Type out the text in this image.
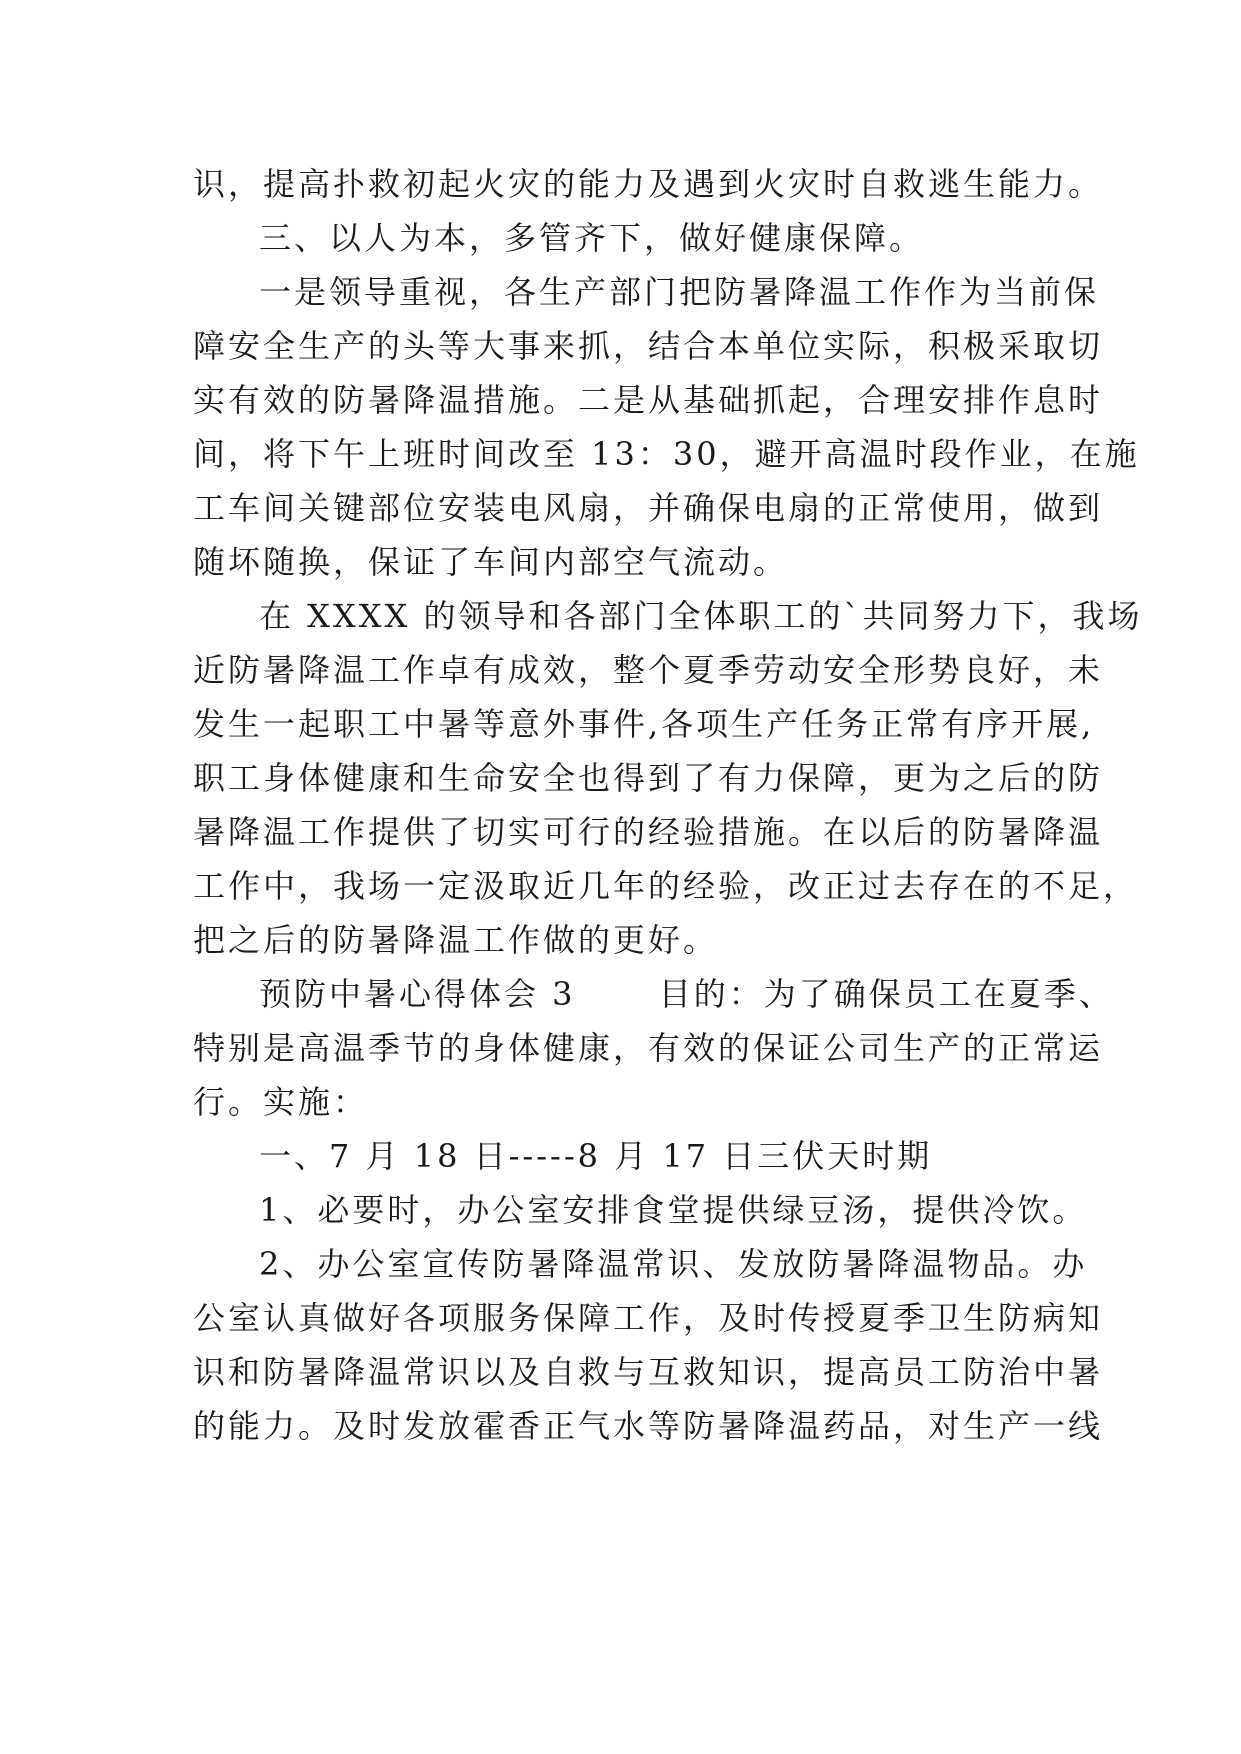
识，提高扑救初起火灾的能力及遇到火灾时自救逃生能力。
三、以人为本，多管齐下，做好健康保障。
一是领导重视，各生产部门把防暑降温工作作为当前保
障安全生产的头等大事来抓，结合本单位实际，积极采取切
实有效的防暑降温措施。二是从基础抓起，合理安排作息时
间，将下午上班时间改至 13：30，避开高温时段作业，在施
工车间关键部位安装电风扇，并确保电扇的正常使用，做到
随坏随换，保证了车间内部空气流动。
在 XXXX 的领导和各部门全体职工的`共同努力下，我场
近防暑降温工作卓有成效，整个夏季劳动安全形势良好，未
发生一起职工中暑等意外事件,各项生产任务正常有序开展,
职工身体健康和生命安全也得到了有力保障，更为之后的防
暑降温工作提供了切实可行的经验措施。在以后的防暑降温
工作中，我场一定汲取近几年的经验，改正过去存在的不足，
把之后的防暑降温工作做的更好。
预防中暑心得体会 3　　 目的：为了确保员工在夏季、
特别是高温季节的身体健康，有效的保证公司生产的正常运
行。实施：
一、7 月 18 日-----8 月 17 日三伏天时期
1、必要时，办公室安排食堂提供绿豆汤，提供冷饮。
2、办公室宣传防暑降温常识、发放防暑降温物品。办
公室认真做好各项服务保障工作，及时传授夏季卫生防病知
识和防暑降温常识以及自救与互救知识，提高员工防治中暑
的能力。及时发放霍香正气水等防暑降温药品，对生产一线
